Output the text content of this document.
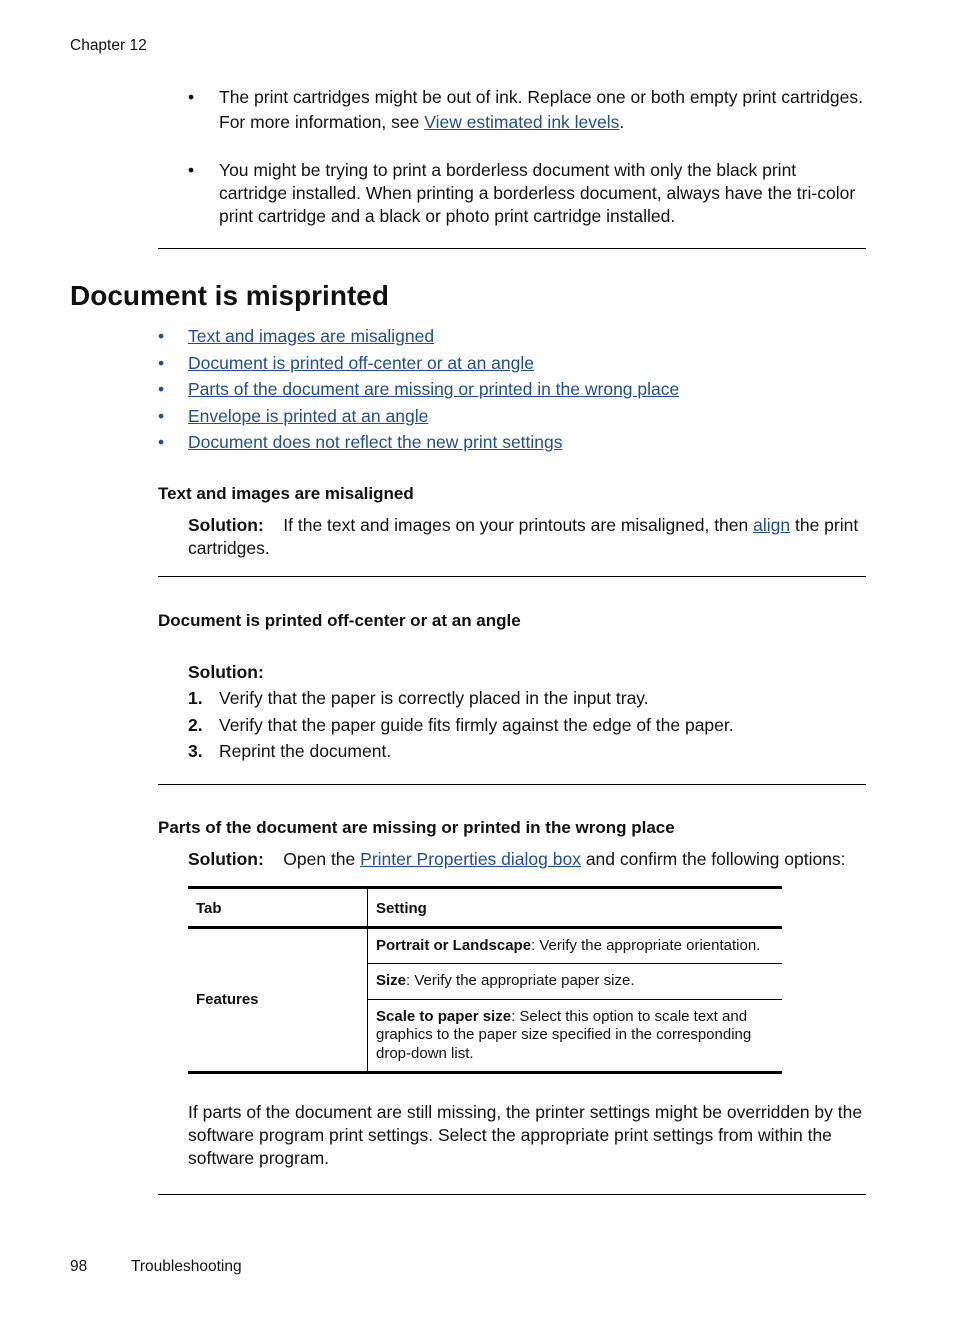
Chapter 12
• The print cartridges might be out of ink. Replace one or both empty print cartridges.
For more information, see View estimated ink levels.
• You might be trying to print a borderless document with only the black print cartridge installed. When printing a borderless document, always have the tri-color print cartridge and a black or photo print cartridge installed.
Document is misprinted
• Text and images are misaligned
• Document is printed off-center or at an angle
• Parts of the document are missing or printed in the wrong place
• Envelope is printed at an angle
• Document does not reflect the new print settings
Text and images are misaligned
Solution: If the text and images on your printouts are misaligned, then align the print cartridges.
Document is printed off-center or at an angle
Solution:
1. Verify that the paper is correctly placed in the input tray.
2. Verify that the paper guide fits firmly against the edge of the paper.
3. Reprint the document.
Parts of the document are missing or printed in the wrong place
Solution: Open the Printer Properties dialog box and confirm the following options:
Tab	Setting
Features	Portrait or Landscape: Verify the appropriate orientation.
	Size: Verify the appropriate paper size.
	Scale to paper size: Select this option to scale text and graphics to the paper size specified in the corresponding drop-down list.
If parts of the document are still missing, the printer settings might be overridden by the software program print settings. Select the appropriate print settings from within the software program.
98	Troubleshooting
